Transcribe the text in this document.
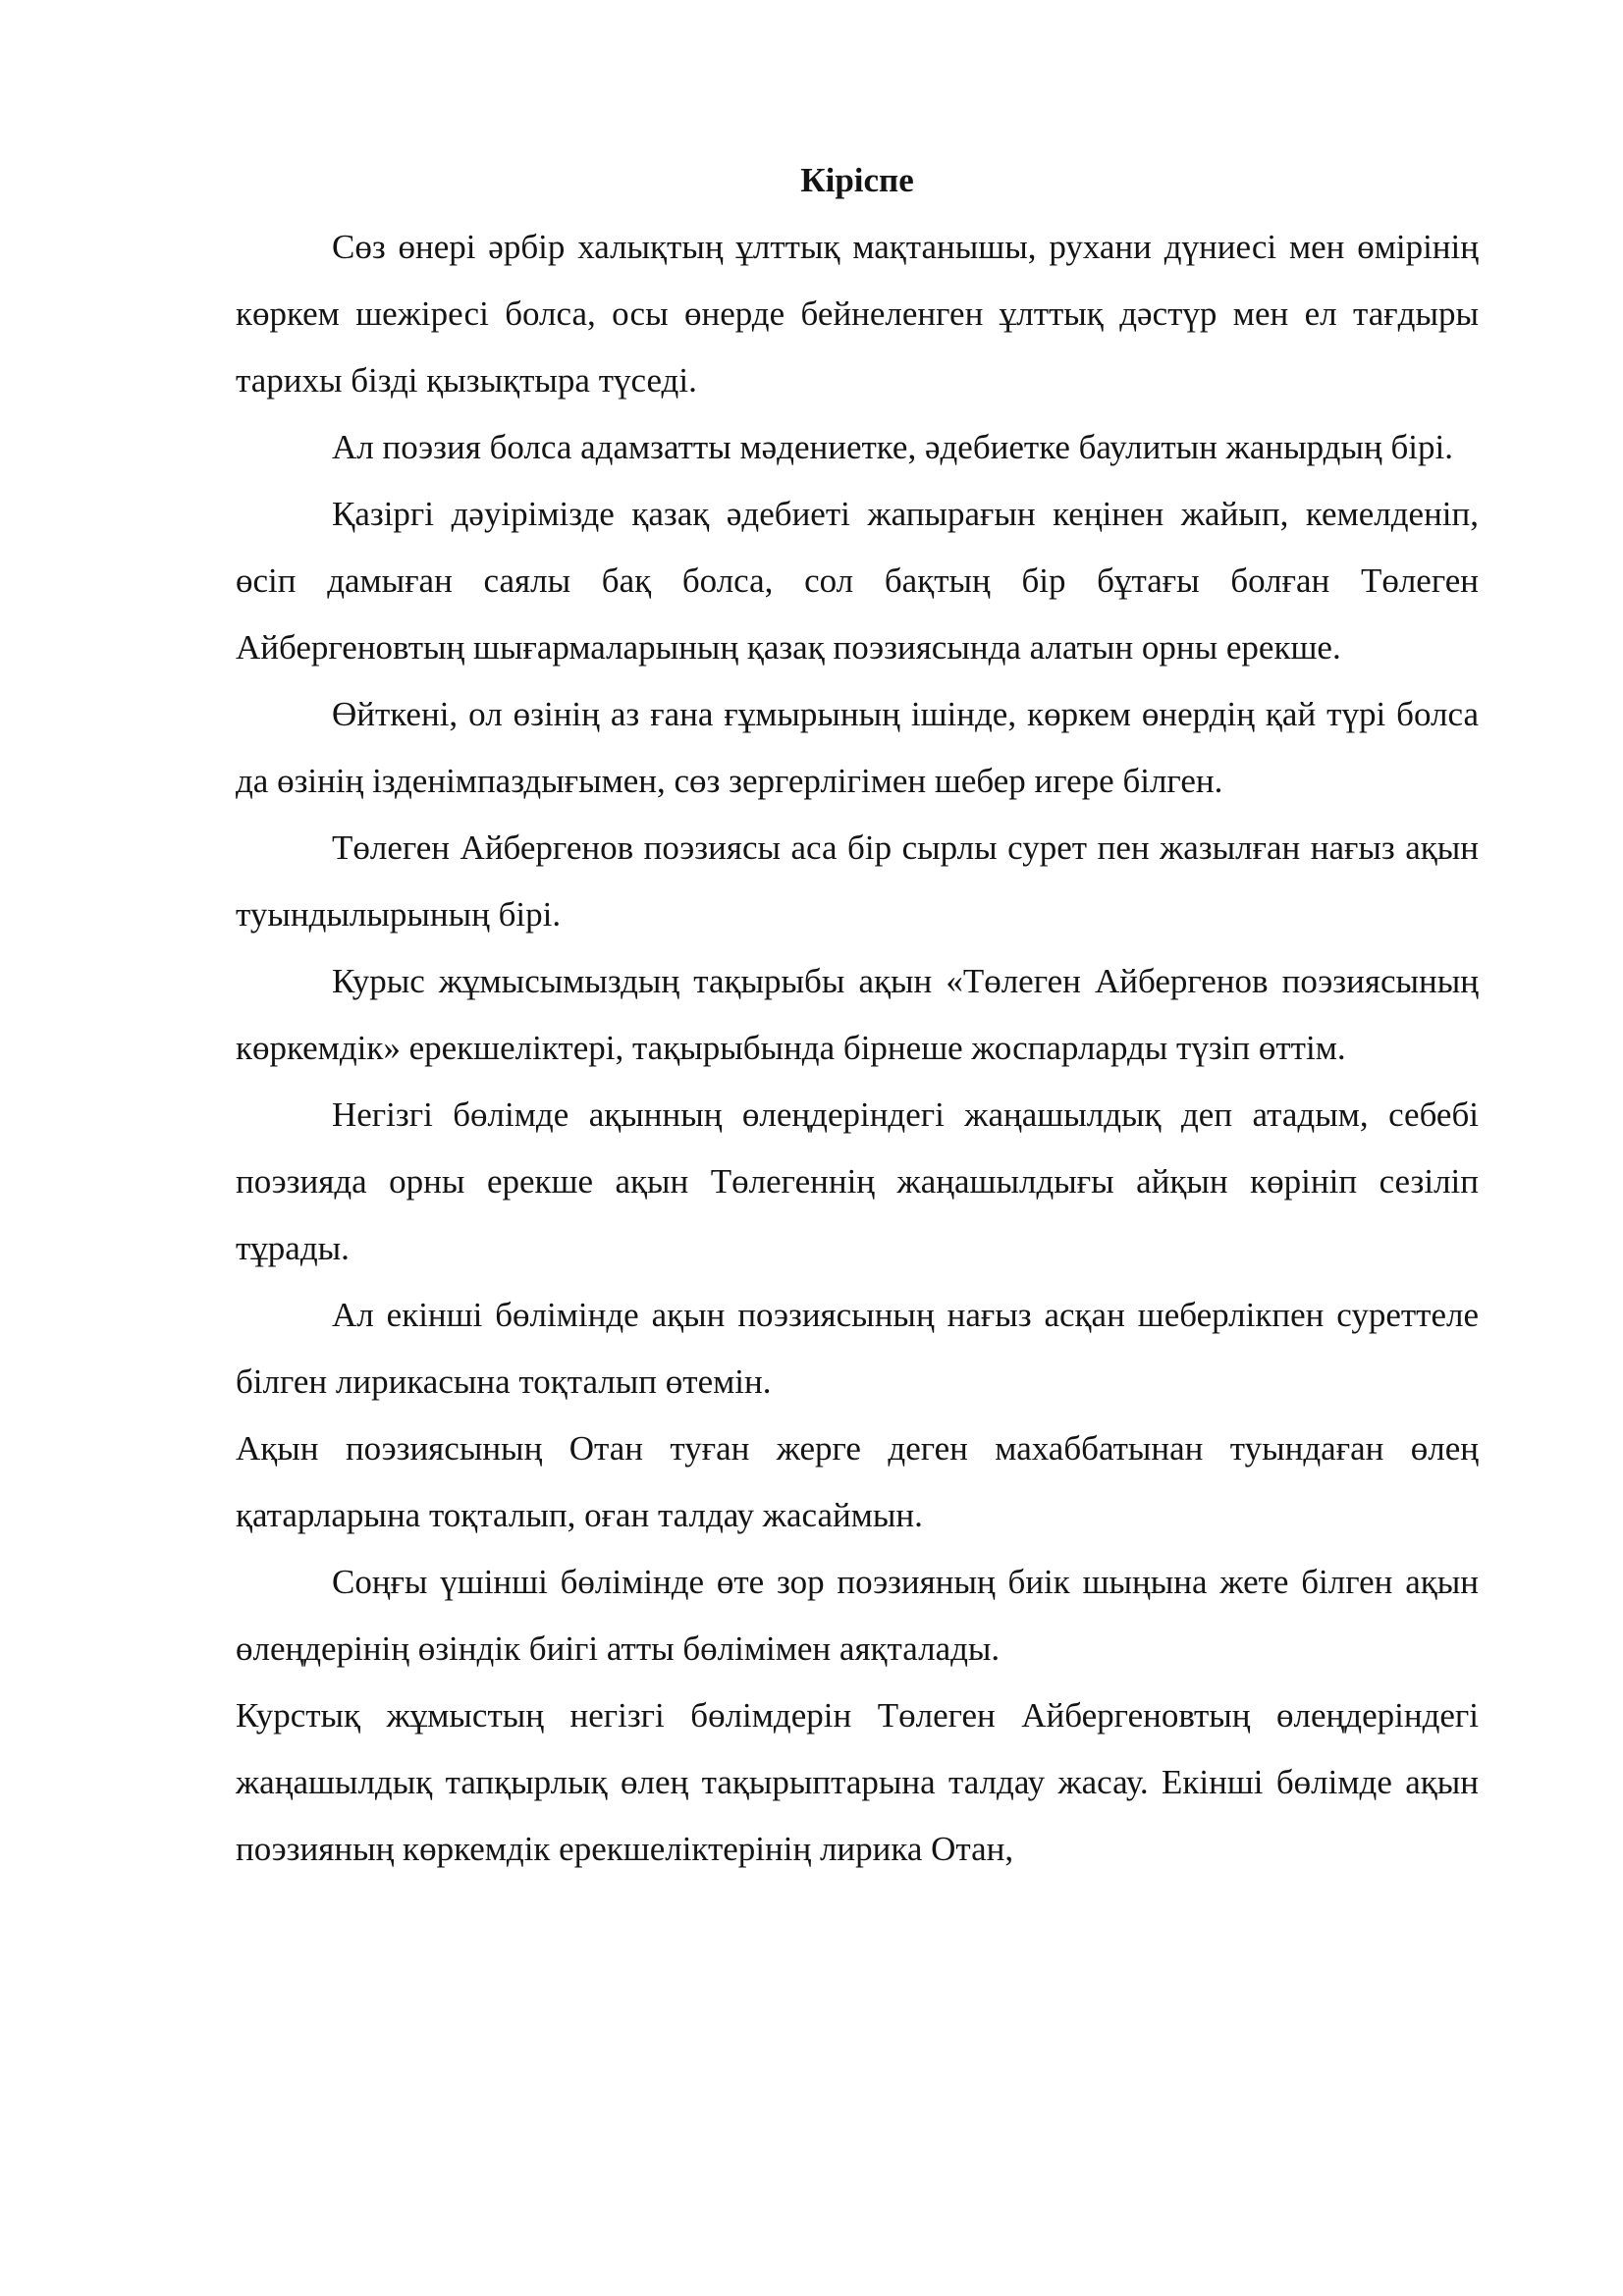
Кіріспе

Сөз өнері әрбір халықтың ұлттық мақтанышы, рухани дүниесі мен өмірінің көркем шежіресі болса, осы өнерде бейнеленген ұлттық дәстүр мен ел тағдыры тарихы бізді қызықтыра түседі.

Ал поэзия болса адамзатты мәдениетке, әдебиетке баулитын жанырдың бірі.

Қазіргі дәуірімізде қазақ әдебиеті жапырағын кеңінен жайып, кемелденіп, өсіп дамыған саялы бақ болса, сол бақтың бір бұтағы болған Төлеген Айбергеновтың шығармаларының қазақ поэзиясында алатын орны ерекше.

Өйткені, ол өзінің аз ғана ғұмырының ішінде, көркем өнердің қай түрі болса да өзінің ізденімпаздығымен, сөз зергерлігімен шебер игере білген.

Төлеген Айбергенов поэзиясы аса бір сырлы сурет пен жазылған нағыз ақын туындылырының бірі.

Курыс жұмысымыздың тақырыбы ақын «Төлеген Айбергенов поэзиясының көркемдік» ерекшеліктері, тақырыбында бірнеше жоспарларды түзіп өттім.

Негізгі бөлімде ақынның өлеңдеріндегі жаңашылдық деп атадым, себебі поэзияда орны ерекше ақын Төлегеннің жаңашылдығы айқын көрініп сезіліп тұрады.

Ал екінші бөлімінде ақын поэзиясының нағыз асқан шеберлікпен суреттеле білген лирикасына тоқталып өтемін.

Ақын поэзиясының Отан туған жерге деген махаббатынан туындаған өлең қатарларына тоқталып, оған талдау жасаймын.

Соңғы үшінші бөлімінде өте зор поэзияның биік шыңына жете білген ақын өлеңдерінің өзіндік биігі атты бөлімімен аяқталады.

Курстық жұмыстың негізгі бөлімдерін Төлеген Айбергеновтың өлеңдеріндегі жаңашылдық тапқырлық өлең тақырыптарына талдау жасау. Екінші бөлімде ақын поэзияның көркемдік ерекшеліктерінің лирика Отан,
